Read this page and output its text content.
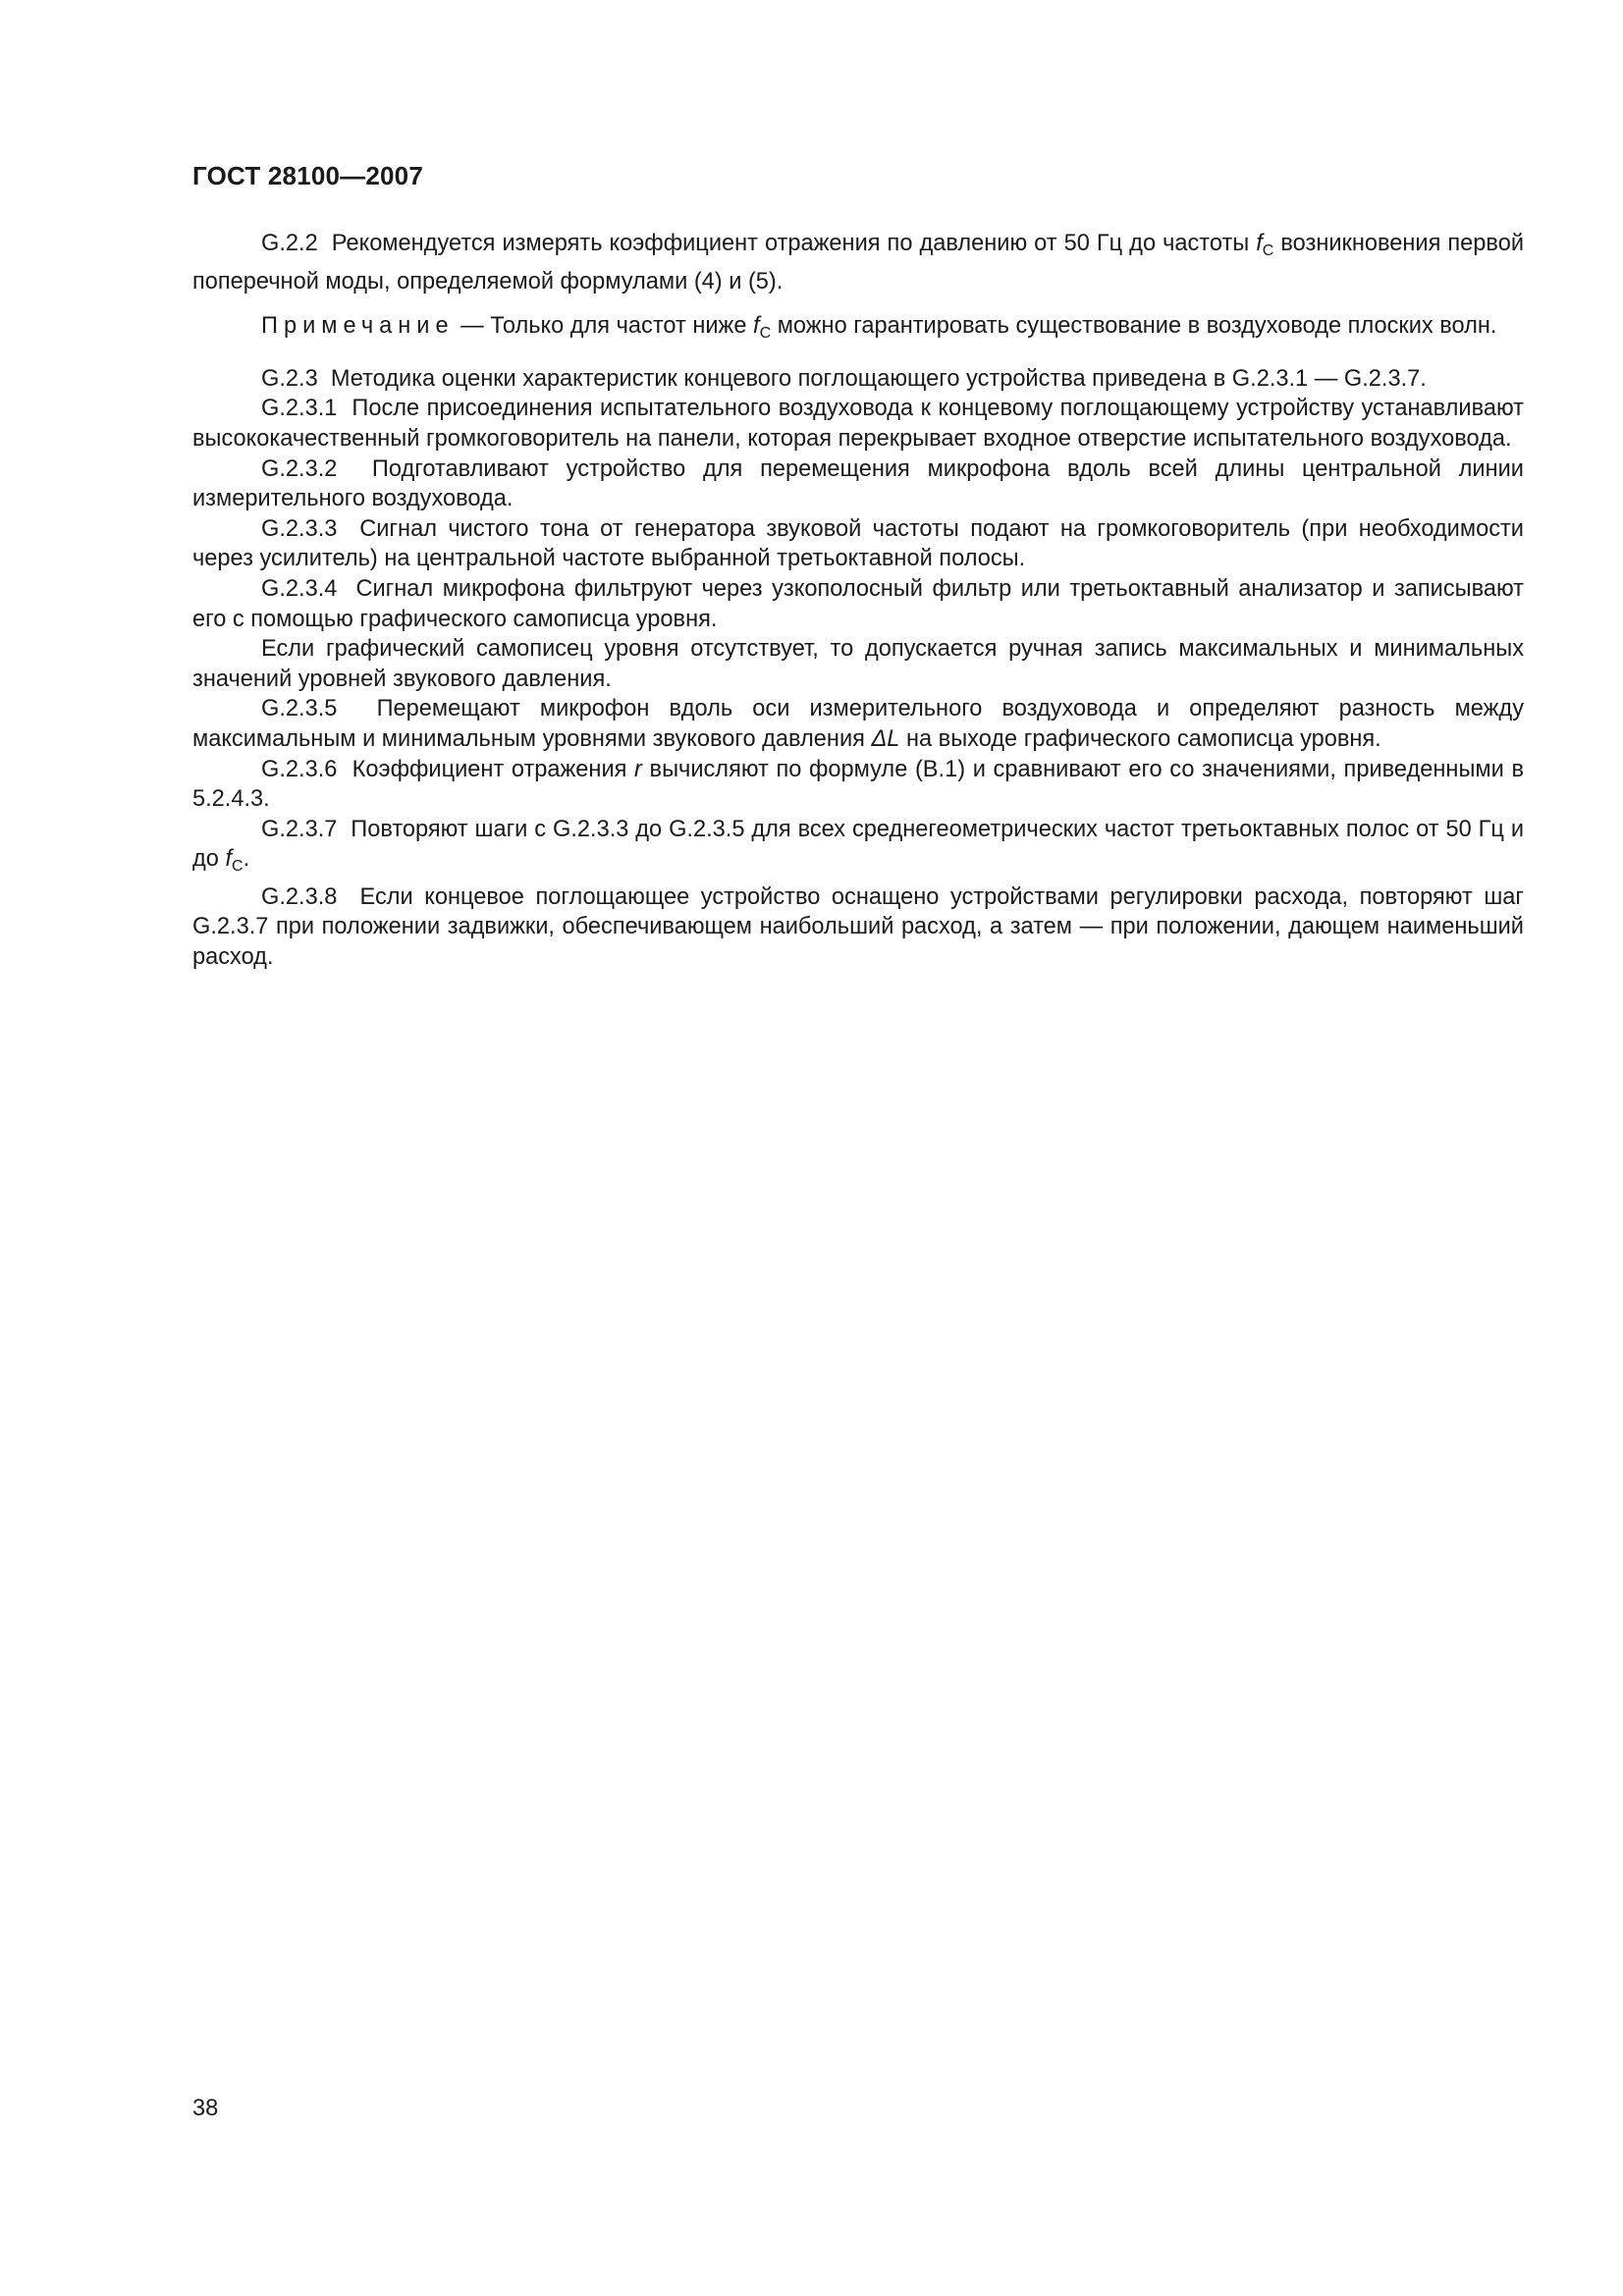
ГОСТ 28100—2007

G.2.2 Рекомендуется измерять коэффициент отражения по давлению от 50 Гц до частоты $f_C$ возникновения первой поперечной моды, определяемой формулами (4) и (5).

Примечание — Только для частот ниже $f_C$ можно гарантировать существование в воздуховоде плоских волн.

G.2.3 Методика оценки характеристик концевого поглощающего устройства приведена в G.2.3.1 — G.2.3.7.

G.2.3.1 После присоединения испытательного воздуховода к концевому поглощающему устройству устанавливают высококачественный громкоговоритель на панели, которая перекрывает входное отверстие испытательного воздуховода.

G.2.3.2 Подготавливают устройство для перемещения микрофона вдоль всей длины центральной линии измерительного воздуховода.

G.2.3.3 Сигнал чистого тона от генератора звуковой частоты подают на громкоговоритель (при необходимости через усилитель) на центральной частоте выбранной третьоктавной полосы.

G.2.3.4 Сигнал микрофона фильтруют через узкополосный фильтр или третьоктавный анализатор и записывают его с помощью графического самописца уровня.

Если графический самописец уровня отсутствует, то допускается ручная запись максимальных и минимальных значений уровней звукового давления.

G.2.3.5 Перемещают микрофон вдоль оси измерительного воздуховода и определяют разность между максимальным и минимальным уровнями звукового давления ΔL на выходе графического самописца уровня.

G.2.3.6 Коэффициент отражения r вычисляют по формуле (B.1) и сравнивают его со значениями, приведенными в 5.2.4.3.

G.2.3.7 Повторяют шаги с G.2.3.3 до G.2.3.5 для всех среднегеометрических частот третьоктавных полос от 50 Гц и до $f_C$.

G.2.3.8 Если концевое поглощающее устройство оснащено устройствами регулировки расхода, повторяют шаг G.2.3.7 при положении задвижки, обеспечивающем наибольший расход, а затем — при положении, дающем наименьший расход.

38
